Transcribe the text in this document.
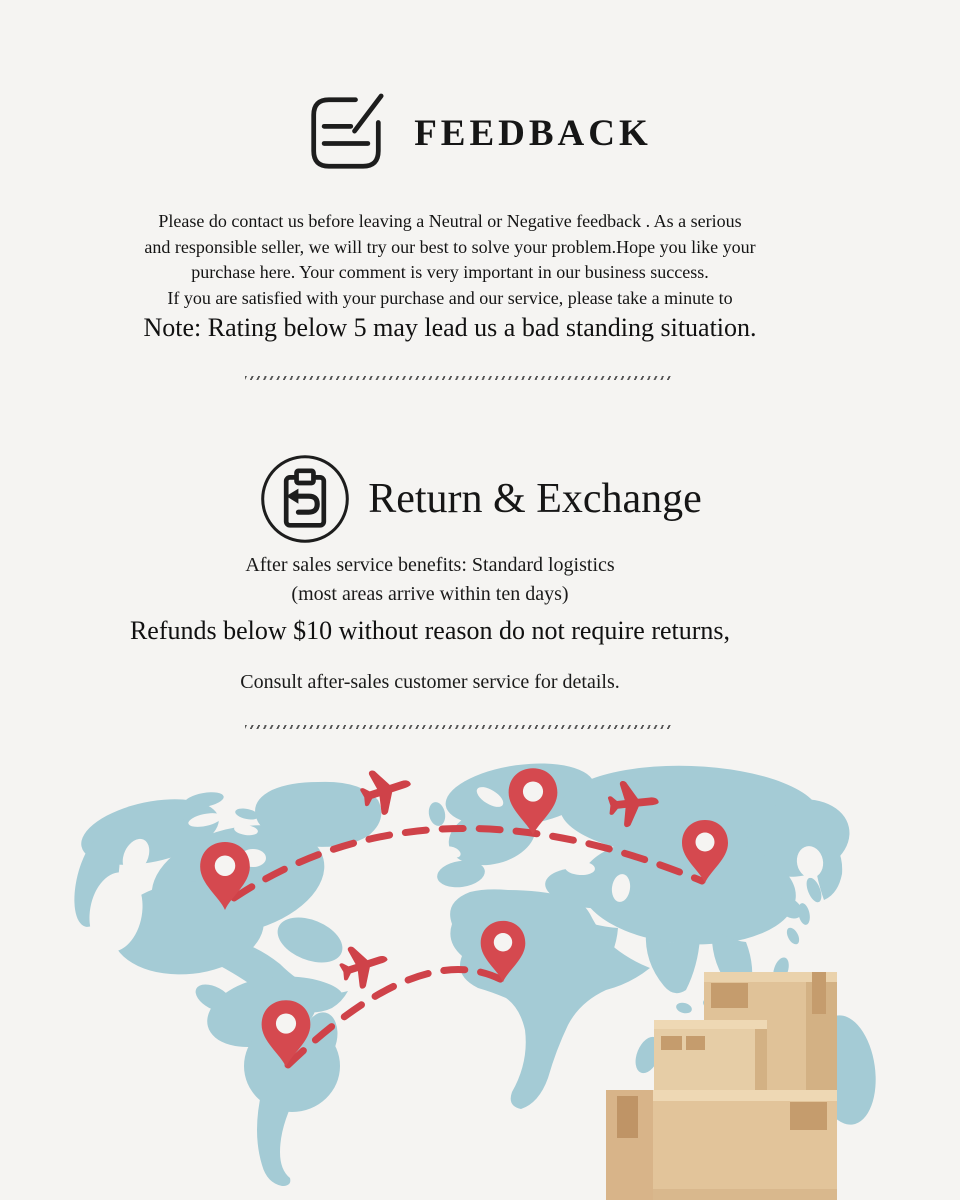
FEEDBACK
Please do contact us before leaving a Neutral or Negative feedback . As a serious
and responsible seller, we will try our best to solve your problem.Hope you like your
purchase here. Your comment is very important in our business success.
If you are satisfied with your purchase and our service, please take a minute to
Note: Rating below 5 may lead us a bad standing situation.
Return & Exchange
After sales service benefits: Standard logistics
(most areas arrive within ten days)
Refunds below $10 without reason do not require returns,
Consult after-sales customer service for details.
